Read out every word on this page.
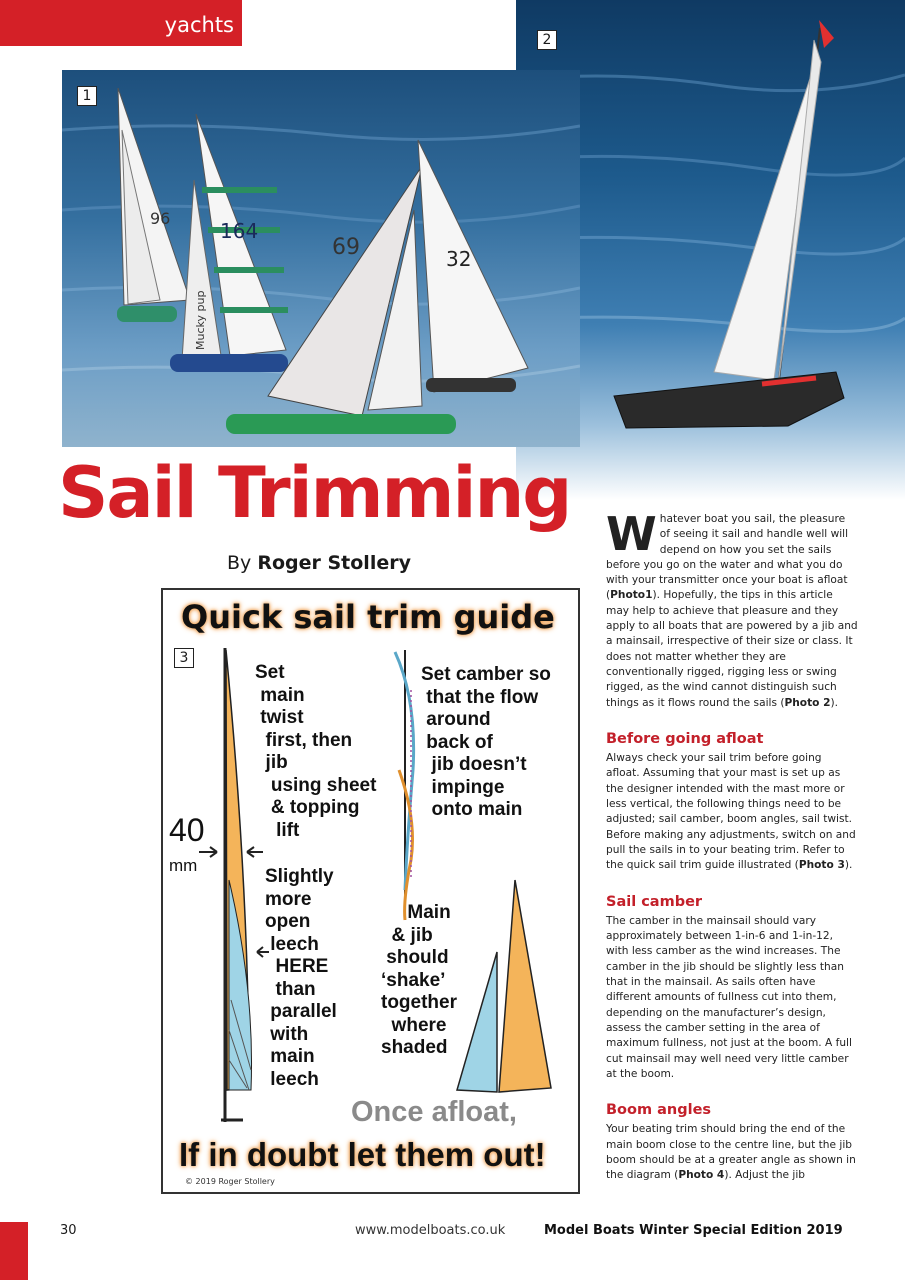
yachts
2
96
164
Mucky pup
69	32
1
Sail Trimming
By Roger Stollery
Quick sail trim guide
3
Set
main
twist
first, then
jib
using sheet
& topping
lift
Set camber so
that the flow
around
back of
jib doesn’t
impinge
onto main
40
mm
Slightly
more
open
leech
HERE
than
parallel
with
main
leech
Main
& jib
should
‘shake’
together
where
shaded
Once afloat,
If in doubt let them out!
© 2019 Roger Stollery

Whatever boat you sail, the pleasure of seeing it sail and handle well will depend on how you set the sails before you go on the water and what you do with your transmitter once your boat is afloat (Photo1). Hopefully, the tips in this article may help to achieve that pleasure and they apply to all boats that are powered by a jib and a mainsail, irrespective of their size or class. It does not matter whether they are conventionally rigged, rigging less or swing rigged, as the wind cannot distinguish such things as it flows round the sails (Photo 2).

Before going afloat

Always check your sail trim before going afloat. Assuming that your mast is set up as the designer intended with the mast more or less vertical, the following things need to be adjusted; sail camber, boom angles, sail twist. Before making any adjustments, switch on and pull the sails in to your beating trim. Refer to the quick sail trim guide illustrated (Photo 3).

Sail camber

The camber in the mainsail should vary approximately between 1-in-6 and 1-in-12, with less camber as the wind increases. The camber in the jib should be slightly less than that in the mainsail. As sails often have different amounts of fullness cut into them, depending on the manufacturer’s design, assess the camber setting in the area of maximum fullness, not just at the boom. A full cut mainsail may well need very little camber at the boom.

Boom angles

Your beating trim should bring the end of the main boom close to the centre line, but the jib boom should be at a greater angle as shown in the diagram (Photo 4). Adjust the jib

30	www.modelboats.co.uk	Model Boats Winter Special Edition 2019
